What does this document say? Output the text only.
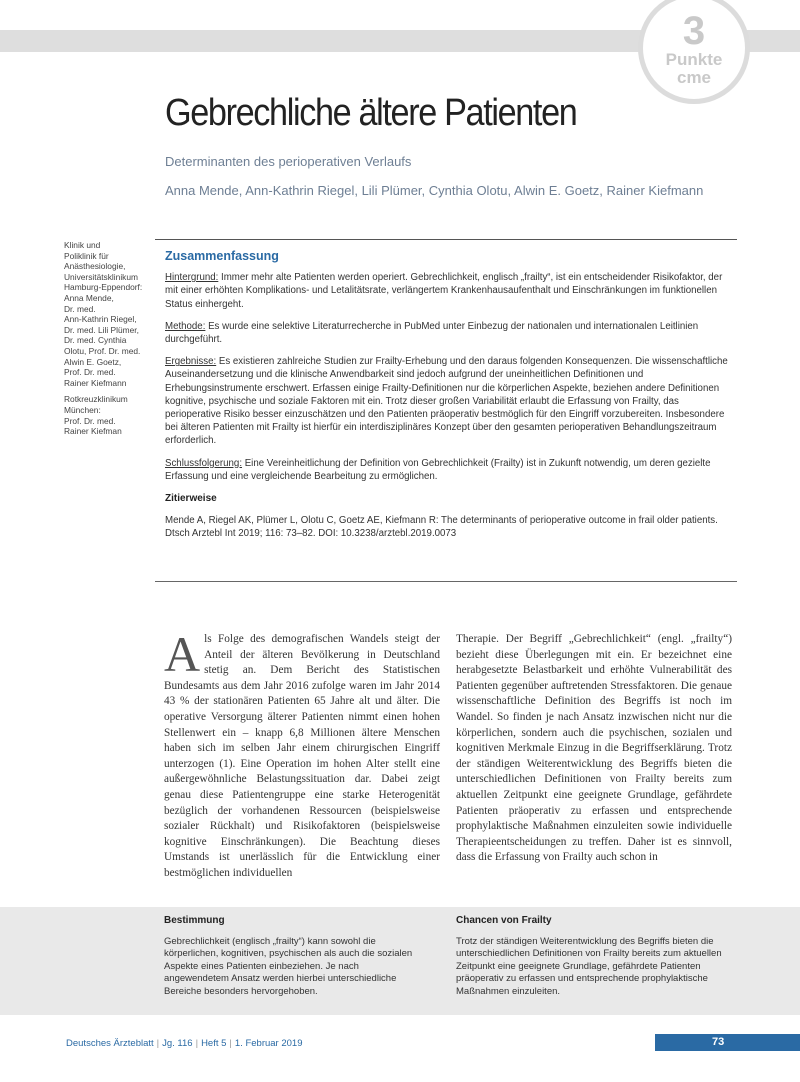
3
Punkte
cme
Gebrechliche ältere Patienten
Determinanten des perioperativen Verlaufs
Anna Mende, Ann-Kathrin Riegel, Lili Plümer, Cynthia Olotu, Alwin E. Goetz, Rainer Kiefmann

Klinik und
Poliklinik für
Anästhesiologie,
Universitätsklinikum
Hamburg-Eppendorf:
Anna Mende,
Dr. med.
Ann-Kathrin Riegel,
Dr. med. Lili Plümer,
Dr. med. Cynthia
Olotu, Prof. Dr. med.
Alwin E. Goetz,
Prof. Dr. med.
Rainer Kiefmann

Rotkreuzklinikum
München:
Prof. Dr. med.
Rainer Kiefman

Zusammenfassung

Hintergrund: Immer mehr alte Patienten werden operiert. Gebrechlichkeit, englisch „frailty“, ist ein entscheidender Risikofaktor, der mit einer erhöhten Komplikations- und Letalitätsrate, verlängertem Krankenhausaufenthalt und Einschränkungen im funktionellen Status einhergeht.

Methode: Es wurde eine selektive Literaturrecherche in PubMed unter Einbezug der nationalen und internationalen Leitlinien durchgeführt.

Ergebnisse: Es existieren zahlreiche Studien zur Frailty-Erhebung und den daraus folgenden Konsequenzen. Die wissenschaftliche Auseinandersetzung und die klinische Anwendbarkeit sind jedoch aufgrund der uneinheitlichen Definitionen und Erhebungsinstrumente erschwert. Erfassen einige Frailty-Definitionen nur die körperlichen Aspekte, beziehen andere Definitionen kognitive, psychische und soziale Faktoren mit ein. Trotz dieser großen Variabilität erlaubt die Erfassung von Frailty, das perioperative Risiko besser einzuschätzen und den Patienten präoperativ bestmöglich für den Eingriff vorzubereiten. Insbesondere bei älteren Patienten mit Frailty ist hierfür ein interdisziplinäres Konzept über den gesamten perioperativen Behandlungszeitraum erforderlich.

Schlussfolgerung: Eine Vereinheitlichung der Definition von Gebrechlichkeit (Frailty) ist in Zukunft notwendig, um deren gezielte Erfassung und eine vergleichende Bearbeitung zu ermöglichen.

Zitierweise

Mende A, Riegel AK, Plümer L, Olotu C, Goetz AE, Kiefmann R: The determinants of perioperative outcome in frail older patients. Dtsch Arztebl Int 2019; 116: 73–82. DOI: 10.3238/arztebl.2019.0073

Als Folge des demografischen Wandels steigt der Anteil der älteren Bevölkerung in Deutschland stetig an. Dem Bericht des Statistischen Bundesamts aus dem Jahr 2016 zufolge waren im Jahr 2014 43 % der stationären Patienten 65 Jahre alt und älter. Die operative Versorgung älterer Patienten nimmt einen hohen Stellenwert ein – knapp 6,8 Millionen ältere Menschen haben sich im selben Jahr einem chirurgischen Eingriff unterzogen (1). Eine Operation im hohen Alter stellt eine außergewöhnliche Belastungssituation dar. Dabei zeigt genau diese Patientengruppe eine starke Heterogenität bezüglich der vorhandenen Ressourcen (beispielsweise sozialer Rückhalt) und Risikofaktoren (beispielsweise kognitive Einschränkungen). Die Beachtung dieses Umstands ist unerlässlich für die Entwicklung einer bestmöglichen individuellen
Therapie. Der Begriff „Gebrechlichkeit“ (engl. „frailty“) bezieht diese Überlegungen mit ein. Er bezeichnet eine herabgesetzte Belastbarkeit und erhöhte Vulnerabilität des Patienten gegenüber auftretenden Stressfaktoren. Die genaue wissenschaftliche Definition des Begriffs ist noch im Wandel. So finden je nach Ansatz inzwischen nicht nur die körperlichen, sondern auch die psychischen, sozialen und kognitiven Merkmale Einzug in die Begriffserklärung. Trotz der ständigen Weiterentwicklung des Begriffs bieten die unterschiedlichen Definitionen von Frailty bereits zum aktuellen Zeitpunkt eine geeignete Grundlage, gefährdete Patienten präoperativ zu erfassen und entsprechende prophylaktische Maßnahmen einzuleiten sowie individuelle Therapieentscheidungen zu treffen. Daher ist es sinnvoll, dass die Erfassung von Frailty auch schon in
Bestimmung
Gebrechlichkeit (englisch „frailty“) kann sowohl die körperlichen, kognitiven, psychischen als auch die sozialen Aspekte eines Patienten einbeziehen. Je nach angewendetem Ansatz werden hierbei unterschiedliche Bereiche besonders hervorgehoben.
Chancen von Frailty
Trotz der ständigen Weiterentwicklung des Begriffs bieten die unterschiedlichen Definitionen von Frailty bereits zum aktuellen Zeitpunkt eine geeignete Grundlage, gefährdete Patienten präoperativ zu erfassen und entsprechende prophylaktische Maßnahmen einzuleiten.
Deutsches Ärzteblatt | Jg. 116 | Heft 5 | 1. Februar 2019	73
